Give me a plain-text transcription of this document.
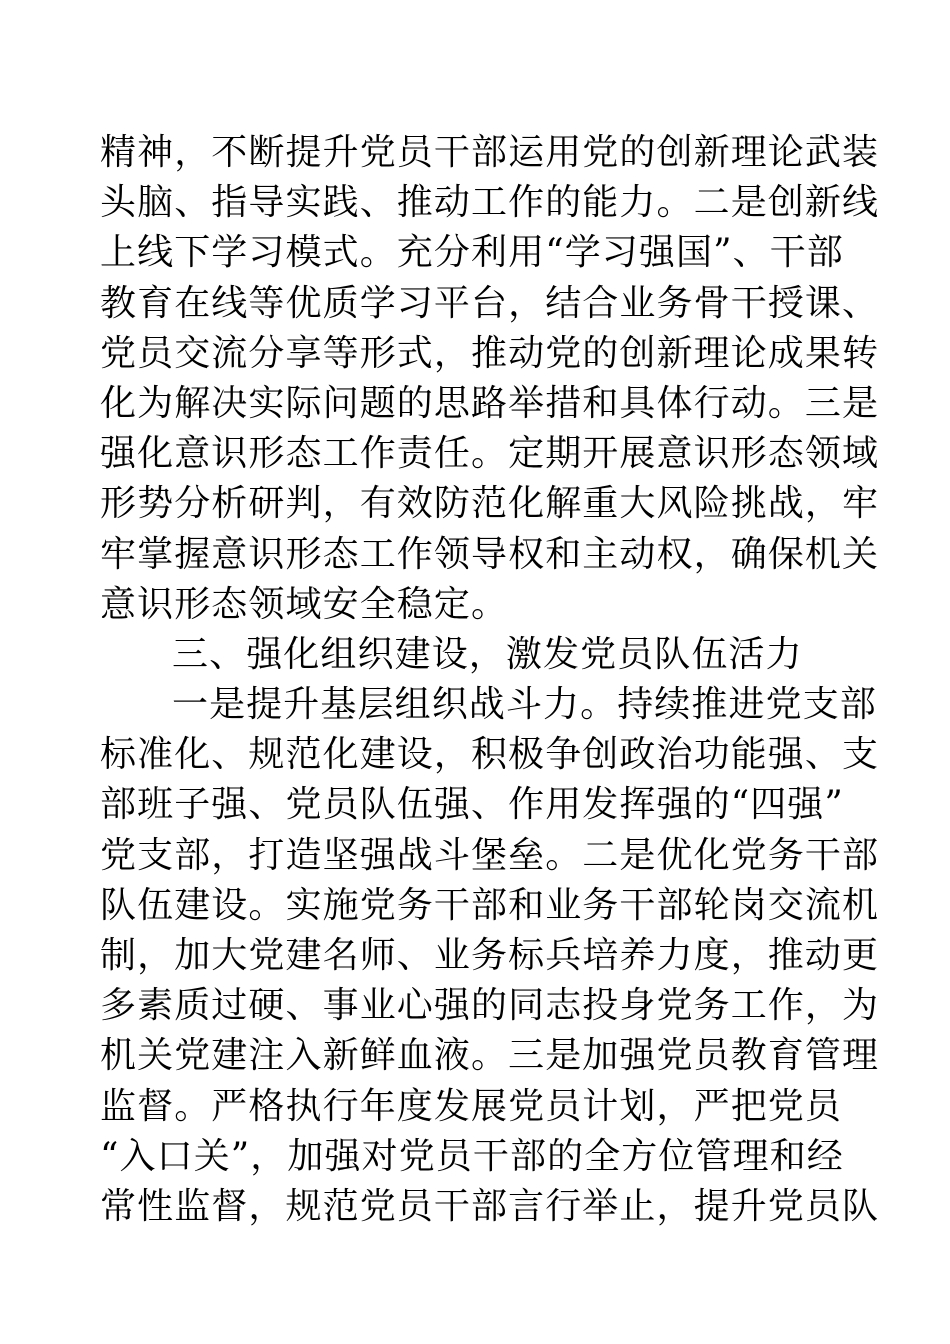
精神，不断提升党员干部运用党的创新理论武装
头脑、指导实践、推动工作的能力。二是创新线
上线下学习模式。充分利用“学习强国”、干部
教育在线等优质学习平台，结合业务骨干授课、
党员交流分享等形式，推动党的创新理论成果转
化为解决实际问题的思路举措和具体行动。三是
强化意识形态工作责任。定期开展意识形态领域
形势分析研判，有效防范化解重大风险挑战，牢
牢掌握意识形态工作领导权和主动权，确保机关
意识形态领域安全稳定。
三、强化组织建设，激发党员队伍活力
一是提升基层组织战斗力。持续推进党支部
标准化、规范化建设，积极争创政治功能强、支
部班子强、党员队伍强、作用发挥强的“四强”
党支部，打造坚强战斗堡垒。二是优化党务干部
队伍建设。实施党务干部和业务干部轮岗交流机
制，加大党建名师、业务标兵培养力度，推动更
多素质过硬、事业心强的同志投身党务工作，为
机关党建注入新鲜血液。三是加强党员教育管理
监督。严格执行年度发展党员计划，严把党员
“入口关”，加强对党员干部的全方位管理和经
常性监督，规范党员干部言行举止，提升党员队
